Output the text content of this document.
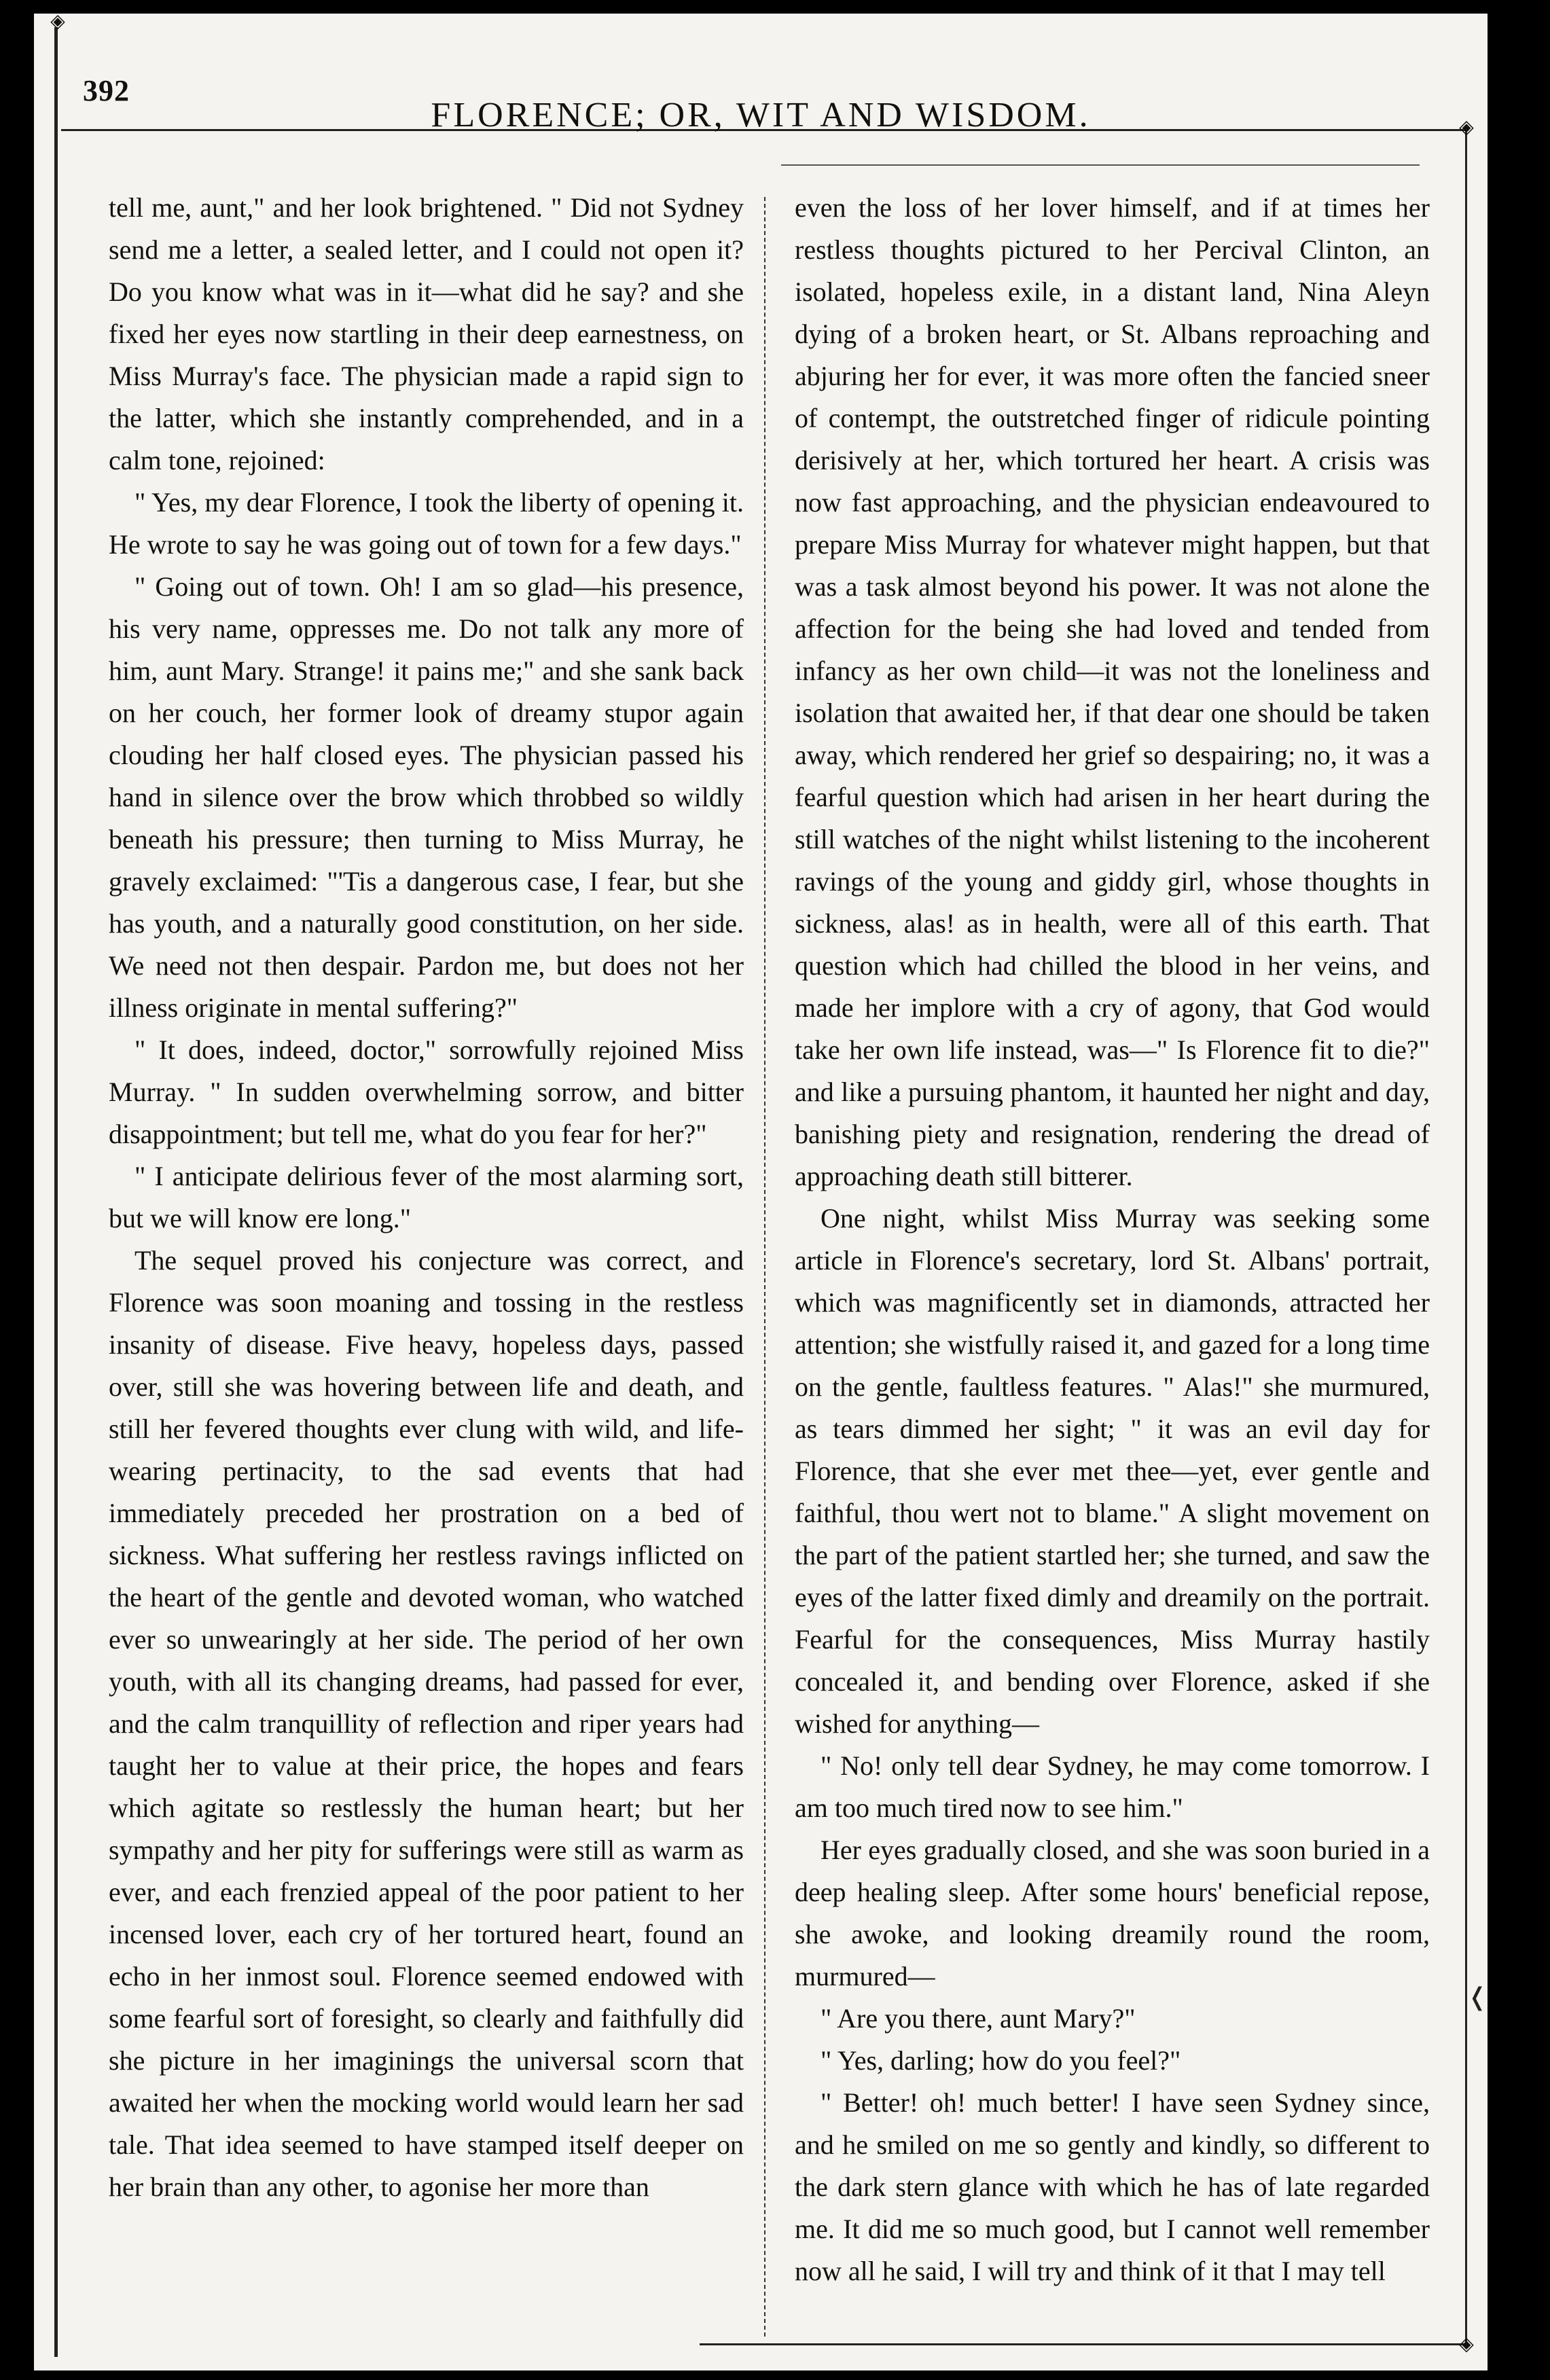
◈
◈
◈
392
FLORENCE; OR, WIT AND WISDOM.

tell me, aunt," and her look brightened. " Did not Sydney send me a letter, a sealed letter, and I could not open it? Do you know what was in it—what did he say? and she fixed her eyes now startling in their deep earnestness, on Miss Murray's face. The physician made a rapid sign to the latter, which she instantly comprehended, and in a calm tone, rejoined:

" Yes, my dear Florence, I took the liberty of opening it. He wrote to say he was going out of town for a few days."

" Going out of town. Oh! I am so glad—his presence, his very name, oppresses me. Do not talk any more of him, aunt Mary. Strange! it pains me;" and she sank back on her couch, her former look of dreamy stupor again clouding her half closed eyes. The physician passed his hand in silence over the brow which throbbed so wildly beneath his pressure; then turning to Miss Murray, he gravely exclaimed: "'Tis a dangerous case, I fear, but she has youth, and a naturally good constitution, on her side. We need not then despair. Pardon me, but does not her illness originate in mental suffering?"

" It does, indeed, doctor," sorrowfully rejoined Miss Murray. " In sudden overwhelming sorrow, and bitter disappointment; but tell me, what do you fear for her?"

" I anticipate delirious fever of the most alarming sort, but we will know ere long."

The sequel proved his conjecture was correct, and Florence was soon moaning and tossing in the restless insanity of disease. Five heavy, hopeless days, passed over, still she was hovering between life and death, and still her fevered thoughts ever clung with wild, and life-wearing pertinacity, to the sad events that had immediately preceded her prostration on a bed of sickness. What suffering her restless ravings inflicted on the heart of the gentle and devoted woman, who watched ever so unwearingly at her side. The period of her own youth, with all its changing dreams, had passed for ever, and the calm tranquillity of reflection and riper years had taught her to value at their price, the hopes and fears which agitate so restlessly the human heart; but her sympathy and her pity for sufferings were still as warm as ever, and each frenzied appeal of the poor patient to her incensed lover, each cry of her tortured heart, found an echo in her inmost soul. Florence seemed endowed with some fearful sort of foresight, so clearly and faithfully did she picture in her imaginings the universal scorn that awaited her when the mocking world would learn her sad tale. That idea seemed to have stamped itself deeper on her brain than any other, to agonise her more than

even the loss of her lover himself, and if at times her restless thoughts pictured to her Percival Clinton, an isolated, hopeless exile, in a distant land, Nina Aleyn dying of a broken heart, or St. Albans reproaching and abjuring her for ever, it was more often the fancied sneer of contempt, the outstretched finger of ridicule pointing derisively at her, which tortured her heart. A crisis was now fast approaching, and the physician endeavoured to prepare Miss Murray for whatever might happen, but that was a task almost beyond his power. It was not alone the affection for the being she had loved and tended from infancy as her own child—it was not the loneliness and isolation that awaited her, if that dear one should be taken away, which rendered her grief so despairing; no, it was a fearful question which had arisen in her heart during the still watches of the night whilst listening to the incoherent ravings of the young and giddy girl, whose thoughts in sickness, alas! as in health, were all of this earth. That question which had chilled the blood in her veins, and made her implore with a cry of agony, that God would take her own life instead, was—" Is Florence fit to die?" and like a pursuing phantom, it haunted her night and day, banishing piety and resignation, rendering the dread of approaching death still bitterer.

One night, whilst Miss Murray was seeking some article in Florence's secretary, lord St. Albans' portrait, which was magnificently set in diamonds, attracted her attention; she wistfully raised it, and gazed for a long time on the gentle, faultless features. " Alas!" she murmured, as tears dimmed her sight; " it was an evil day for Florence, that she ever met thee—yet, ever gentle and faithful, thou wert not to blame." A slight movement on the part of the patient startled her; she turned, and saw the eyes of the latter fixed dimly and dreamily on the portrait. Fearful for the consequences, Miss Murray hastily concealed it, and bending over Florence, asked if she wished for anything—

" No! only tell dear Sydney, he may come tomorrow. I am too much tired now to see him."

Her eyes gradually closed, and she was soon buried in a deep healing sleep. After some hours' beneficial repose, she awoke, and looking dreamily round the room, murmured—

" Are you there, aunt Mary?"

" Yes, darling; how do you feel?"

" Better! oh! much better! I have seen Sydney since, and he smiled on me so gently and kindly, so different to the dark stern glance with which he has of late regarded me. It did me so much good, but I cannot well remember now all he said, I will try and think of it that I may tell

❬
